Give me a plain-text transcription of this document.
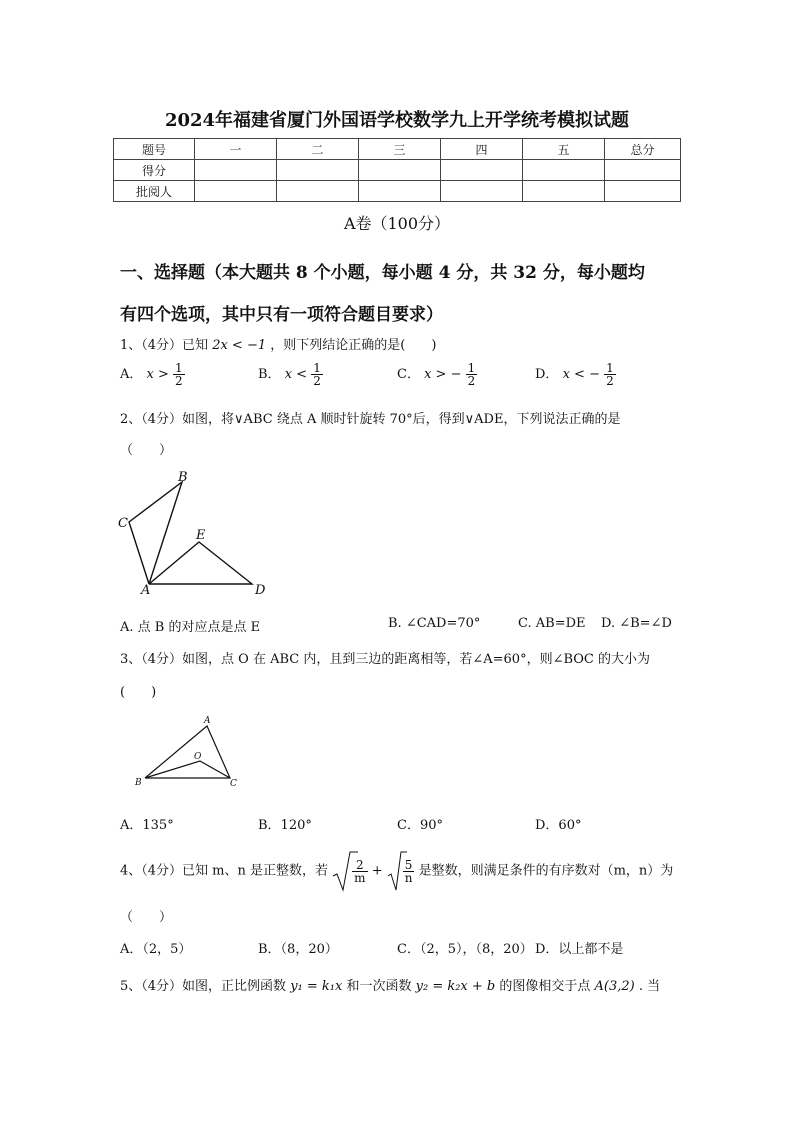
2024年福建省厦门外国语学校数学九上开学统考模拟试题
题号	一	二	三	四	五	总分
得分						
批阅人						
A卷（100分）
一、选择题（本大题共 8 个小题，每小题 4 分，共 32 分，每小题均
有四个选项，其中只有一项符合题目要求）
1、（4分）已知 2x < −1 ，则下列结论正确的是(　　)
A． $x > \frac{1}{2}$	B． $x < \frac{1}{2}$	C． x > − $\frac{1}{2}$	D． x < − $\frac{1}{2}$
2、（4分）如图，将∨ABC 绕点 A 顺时针旋转 70°后，得到∨ADE，下列说法正确的是
（　　）
B
C
E
A	D
A. 点 B 的对应点是点 E	B. ∠CAD=70°	C. AB=DE D. ∠B=∠D
3、（4分）如图，点 O 在 ABC 内，且到三边的距离相等，若∠A=60°，则∠BOC 的大小为
(　　)
A
O
B	C
A．135°	B．120°	C．90°	D．60°
4、（4分）已知 m、n 是正整数，若 $\frac{2}{m} + \frac{5}{n}$ 是整数，则满足条件的有序数对（m，n）为
（　　）
A．（2，5）	B．（8，20）	C．（2，5），（8，20） D．以上都不是
5、（4分）如图，正比例函数 y₁ = k₁x 和一次函数 y₂ = k₂x + b 的图像相交于点 A(3,2) . 当
